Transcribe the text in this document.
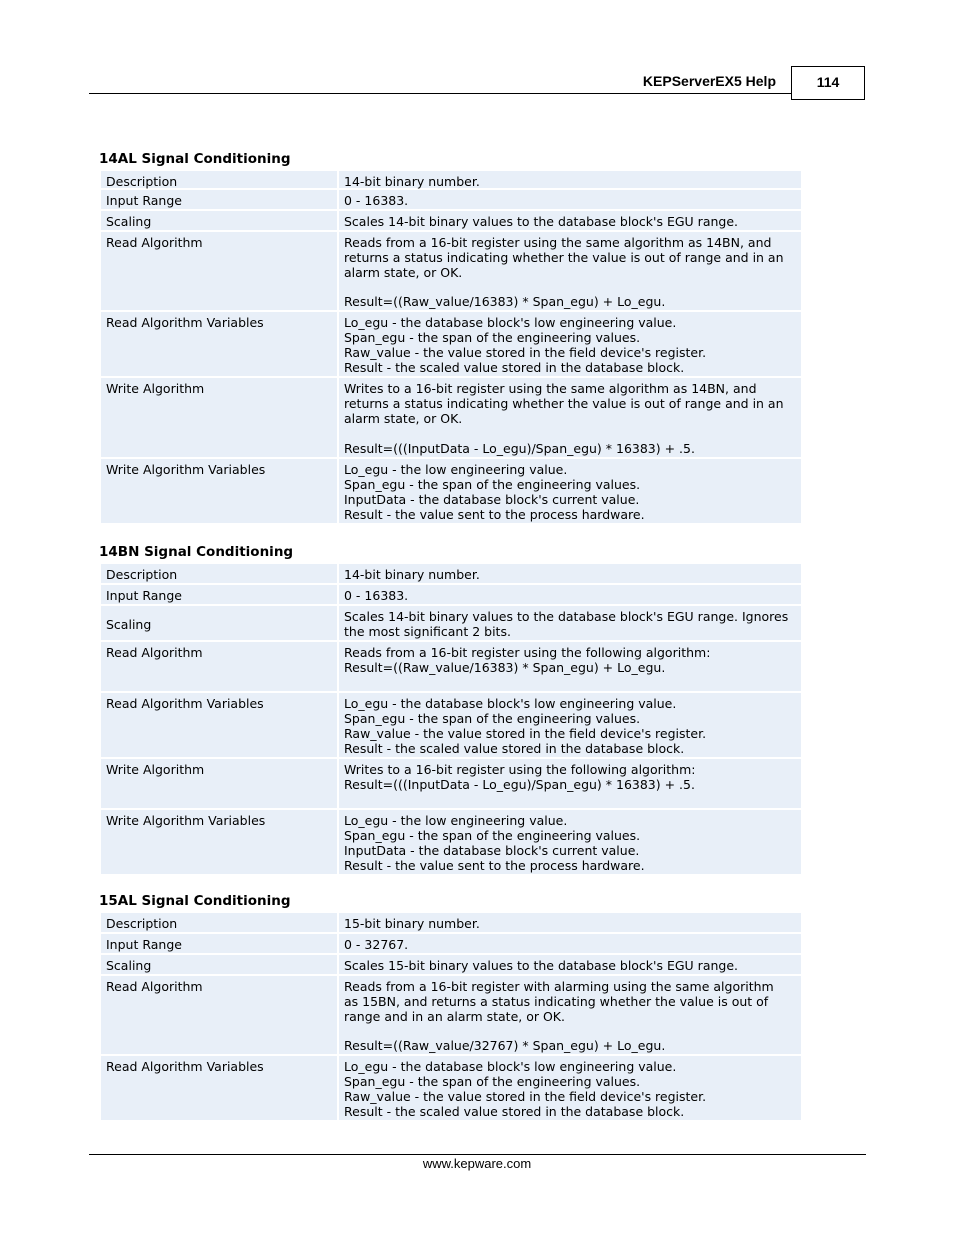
KEPServerEX5 Help	114
14AL Signal Conditioning
Description	14-bit binary number.
Input Range	0 - 16383.
Scaling	Scales 14-bit binary values to the database block's EGU range.
Read Algorithm	Reads from a 16-bit register using the same algorithm as 14BN, and
returns a status indicating whether the value is out of range and in an
alarm state, or OK.
Result=((Raw_value/16383) * Span_egu) + Lo_egu.
Read Algorithm Variables	Lo_egu - the database block's low engineering value.
Span_egu - the span of the engineering values.
Raw_value - the value stored in the field device's register.
Result - the scaled value stored in the database block.
Write Algorithm	Writes to a 16-bit register using the same algorithm as 14BN, and
returns a status indicating whether the value is out of range and in an
alarm state, or OK.
Result=(((InputData - Lo_egu)/Span_egu) * 16383) + .5.
Write Algorithm Variables	Lo_egu - the low engineering value.
Span_egu - the span of the engineering values.
InputData - the database block's current value.
Result - the value sent to the process hardware.
14BN Signal Conditioning
Description	14-bit binary number.
Input Range	0 - 16383.
Scaling	Scales 14-bit binary values to the database block's EGU range. Ignores
the most significant 2 bits.
Read Algorithm	Reads from a 16-bit register using the following algorithm:
Result=((Raw_value/16383) * Span_egu) + Lo_egu.
Read Algorithm Variables	Lo_egu - the database block's low engineering value.
Span_egu - the span of the engineering values.
Raw_value - the value stored in the field device's register.
Result - the scaled value stored in the database block.
Write Algorithm	Writes to a 16-bit register using the following algorithm:
Result=(((InputData - Lo_egu)/Span_egu) * 16383) + .5.
Write Algorithm Variables	Lo_egu - the low engineering value.
Span_egu - the span of the engineering values.
InputData - the database block's current value.
Result - the value sent to the process hardware.
15AL Signal Conditioning
Description	15-bit binary number.
Input Range	0 - 32767.
Scaling	Scales 15-bit binary values to the database block's EGU range.
Read Algorithm	Reads from a 16-bit register with alarming using the same algorithm
as 15BN, and returns a status indicating whether the value is out of
range and in an alarm state, or OK.
Result=((Raw_value/32767) * Span_egu) + Lo_egu.
Read Algorithm Variables	Lo_egu - the database block's low engineering value.
Span_egu - the span of the engineering values.
Raw_value - the value stored in the field device's register.
Result - the scaled value stored in the database block.
www.kepware.com
